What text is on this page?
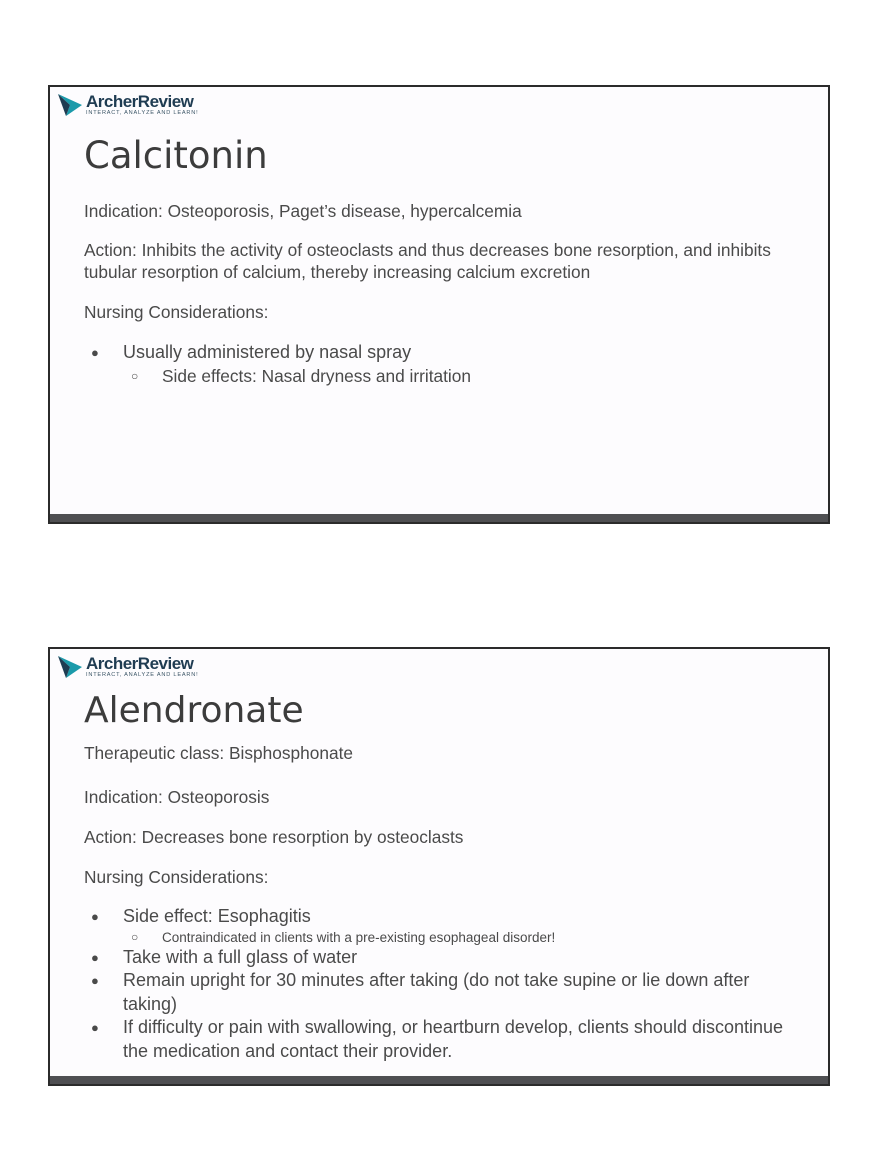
ArcherReview
INTERACT, ANALYZE AND LEARN!
Calcitonin

Indication: Osteoporosis, Paget’s disease, hypercalcemia

Action: Inhibits the activity of osteoclasts and thus decreases bone resorption, and inhibits tubular resorption of calcium, thereby increasing calcium excretion

Nursing Considerations:

● Usually administered by nasal spray
○ Side effects: Nasal dryness and irritation
ArcherReview
INTERACT, ANALYZE AND LEARN!
Alendronate

Therapeutic class: Bisphosphonate

Indication: Osteoporosis

Action: Decreases bone resorption by osteoclasts

Nursing Considerations:

● Side effect: Esophagitis
○ Contraindicated in clients with a pre-existing esophageal disorder!
● Take with a full glass of water
● Remain upright for 30 minutes after taking (do not take supine or lie down after taking)
● If difficulty or pain with swallowing, or heartburn develop, clients should discontinue the medication and contact their provider.
